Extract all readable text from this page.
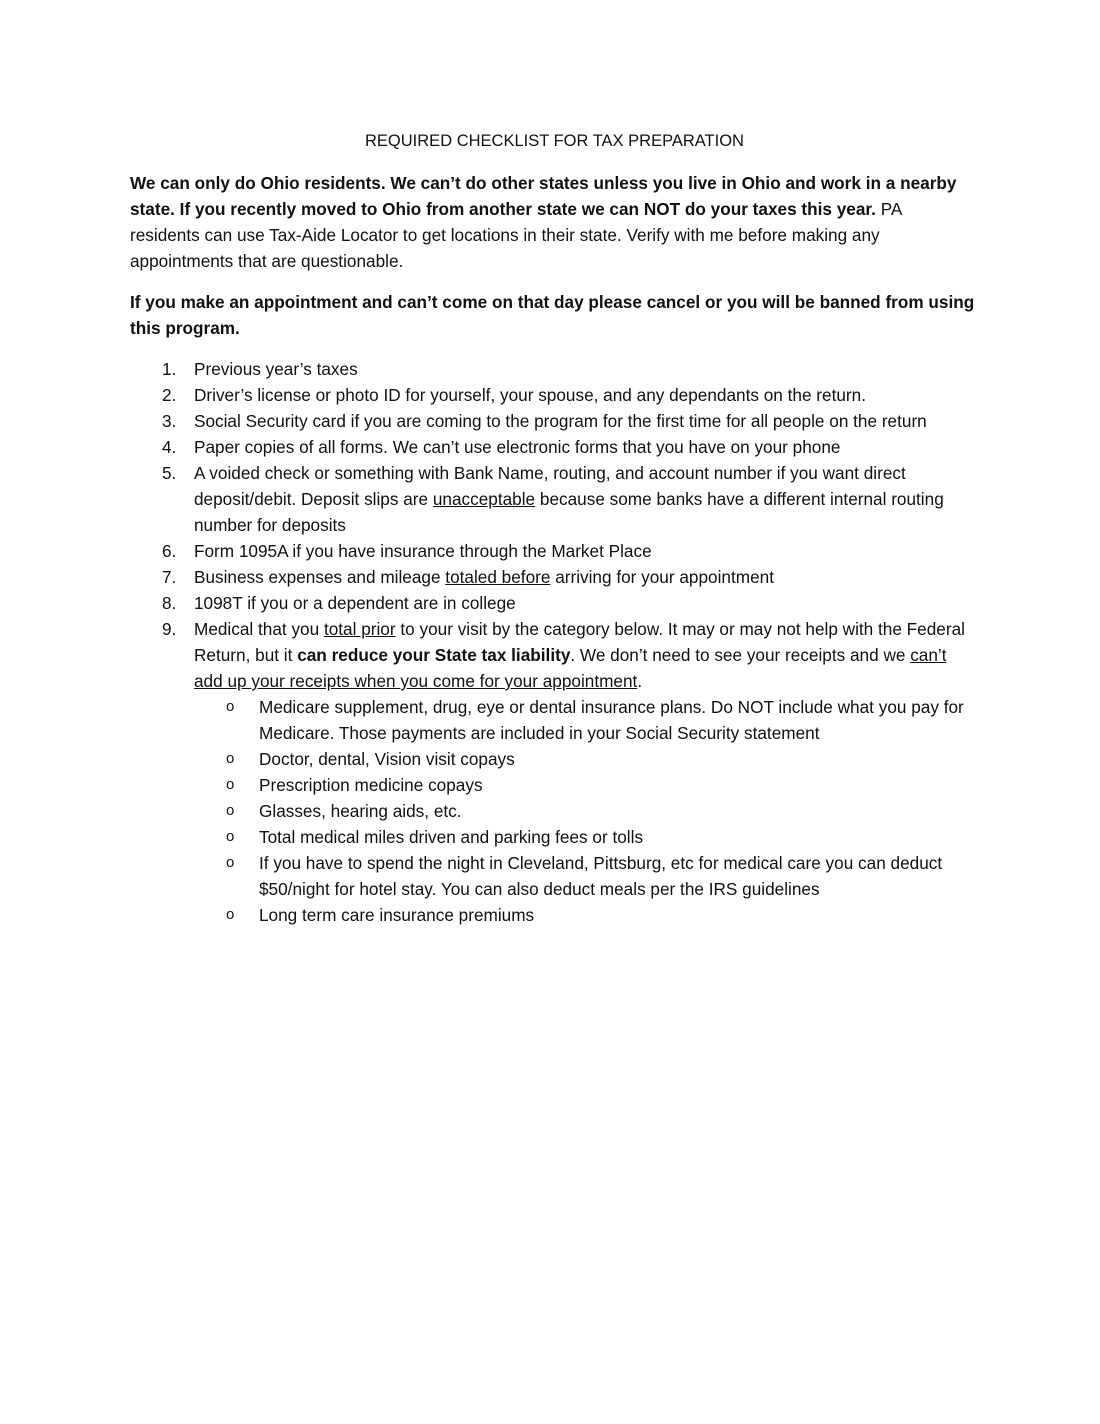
REQUIRED CHECKLIST FOR TAX PREPARATION

We can only do Ohio residents. We can’t do other states unless you live in Ohio and work in a nearby state. If you recently moved to Ohio from another state we can NOT do your taxes this year. PA residents can use Tax-Aide Locator to get locations in their state. Verify with me before making any appointments that are questionable.

If you make an appointment and can’t come on that day please cancel or you will be banned from using this program.

1. Previous year’s taxes
2. Driver’s license or photo ID for yourself, your spouse, and any dependants on the return.
3. Social Security card if you are coming to the program for the first time for all people on the return
4. Paper copies of all forms. We can’t use electronic forms that you have on your phone
5. A voided check or something with Bank Name, routing, and account number if you want direct deposit/debit. Deposit slips are unacceptable because some banks have a different internal routing number for deposits
6. Form 1095A if you have insurance through the Market Place
7. Business expenses and mileage totaled before arriving for your appointment
8. 1098T if you or a dependent are in college
9. Medical that you total prior to your visit by the category below. It may or may not help with the Federal Return, but it can reduce your State tax liability. We don’t need to see your receipts and we can’t add up your receipts when you come for your appointment.
o Medicare supplement, drug, eye or dental insurance plans. Do NOT include what you pay for Medicare. Those payments are included in your Social Security statement
o Doctor, dental, Vision visit copays
o Prescription medicine copays
o Glasses, hearing aids, etc.
o Total medical miles driven and parking fees or tolls
o If you have to spend the night in Cleveland, Pittsburg, etc for medical care you can deduct $50/night for hotel stay. You can also deduct meals per the IRS guidelines
o Long term care insurance premiums
